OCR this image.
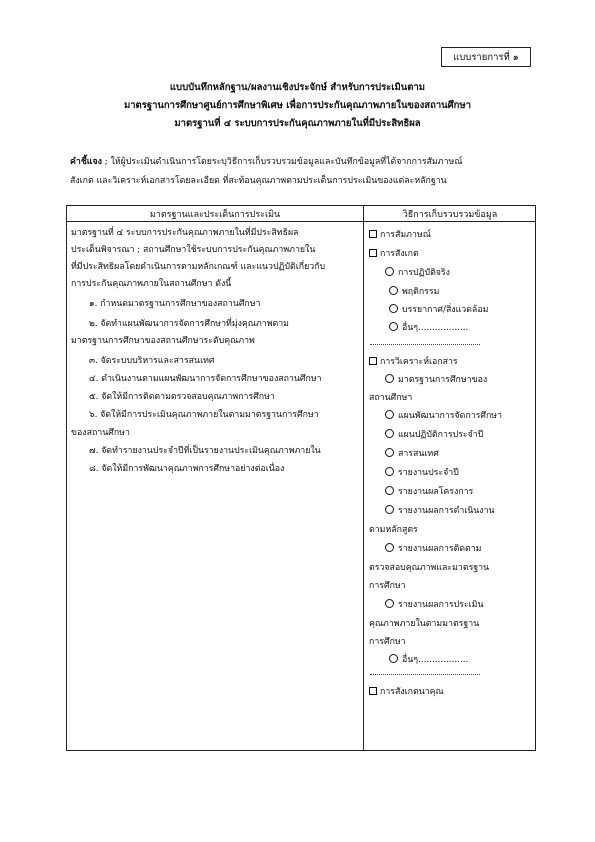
แบบรายการที่ ๑
แบบบันทึกหลักฐาน/ผลงานเชิงประจักษ์ สำหรับการประเมินตาม
มาตรฐานการศึกษาศูนย์การศึกษาพิเศษ เพื่อการประกันคุณภาพภายในของสถานศึกษา
มาตรฐานที่ ๔ ระบบการประกันคุณภาพภายในที่มีประสิทธิผล
คำชี้แจง ; ให้ผู้ประเมินดำเนินการโดยระบุวิธีการเก็บรวบรวมข้อมูลและบันทึกข้อมูลที่ได้จากการสัมภาษณ์
สังเกต และวิเคราะห์เอกสารโดยละเอียด ที่สะท้อนคุณภาพตามประเด็นการประเมินของแต่ละหลักฐาน
มาตรฐานและประเด็นการประเมิน	วิธีการเก็บรวบรวมข้อมูล
มาตรฐานที่ ๔ ระบบการประกันคุณภาพภายในที่มีประสิทธิผล
ประเด็นพิจารณา ; สถานศึกษาใช้ระบบการประกันคุณภาพภายใน
ที่มีประสิทธิผลโดยดำเนินการตามหลักเกณฑ์ และแนวปฏิบัติเกี่ยวกับ
การประกันคุณภาพภายในสถานศึกษา ดังนี้
๑. กำหนดมาตรฐานการศึกษาของสถานศึกษา
๒. จัดทำแผนพัฒนาการจัดการศึกษาที่มุ่งคุณภาพตาม
มาตรฐานการศึกษาของสถานศึกษาระดับคุณภาพ
๓. จัดระบบบริหารและสารสนเทศ
๔. ดำเนินงานตามแผนพัฒนาการจัดการศึกษาของสถานศึกษา
๕. จัดให้มีการติดตามตรวจสอบคุณภาพการศึกษา
๖. จัดให้มีการประเมินคุณภาพภายในตามมาตรฐานการศึกษา
ของสถานศึกษา
๗. จัดทำรายงานประจำปีที่เป็นรายงานประเมินคุณภาพภายใน
๘. จัดให้มีการพัฒนาคุณภาพการศึกษาอย่างต่อเนื่อง
การสัมภาษณ์
การสังเกต
การปฏิบัติจริง
พฤติกรรม
บรรยากาศ/สิ่งแวดล้อม
อื่นๆ..................
การวิเคราะห์เอกสาร
มาตรฐานการศึกษาของ
สถานศึกษา
แผนพัฒนาการจัดการศึกษา
แผนปฏิบัติการประจำปี
สารสนเทศ
รายงานประจำปี
รายงานผลโครงการ
รายงานผลการดำเนินงาน
ตามหลักสูตร
รายงานผลการติดตาม
ตรวจสอบคุณภาพและมาตรฐาน
การศึกษา
รายงานผลการประเมิน
คุณภาพภายในตามมาตรฐาน
การศึกษา
อื่นๆ..................
การสังเกตนาคุณ
